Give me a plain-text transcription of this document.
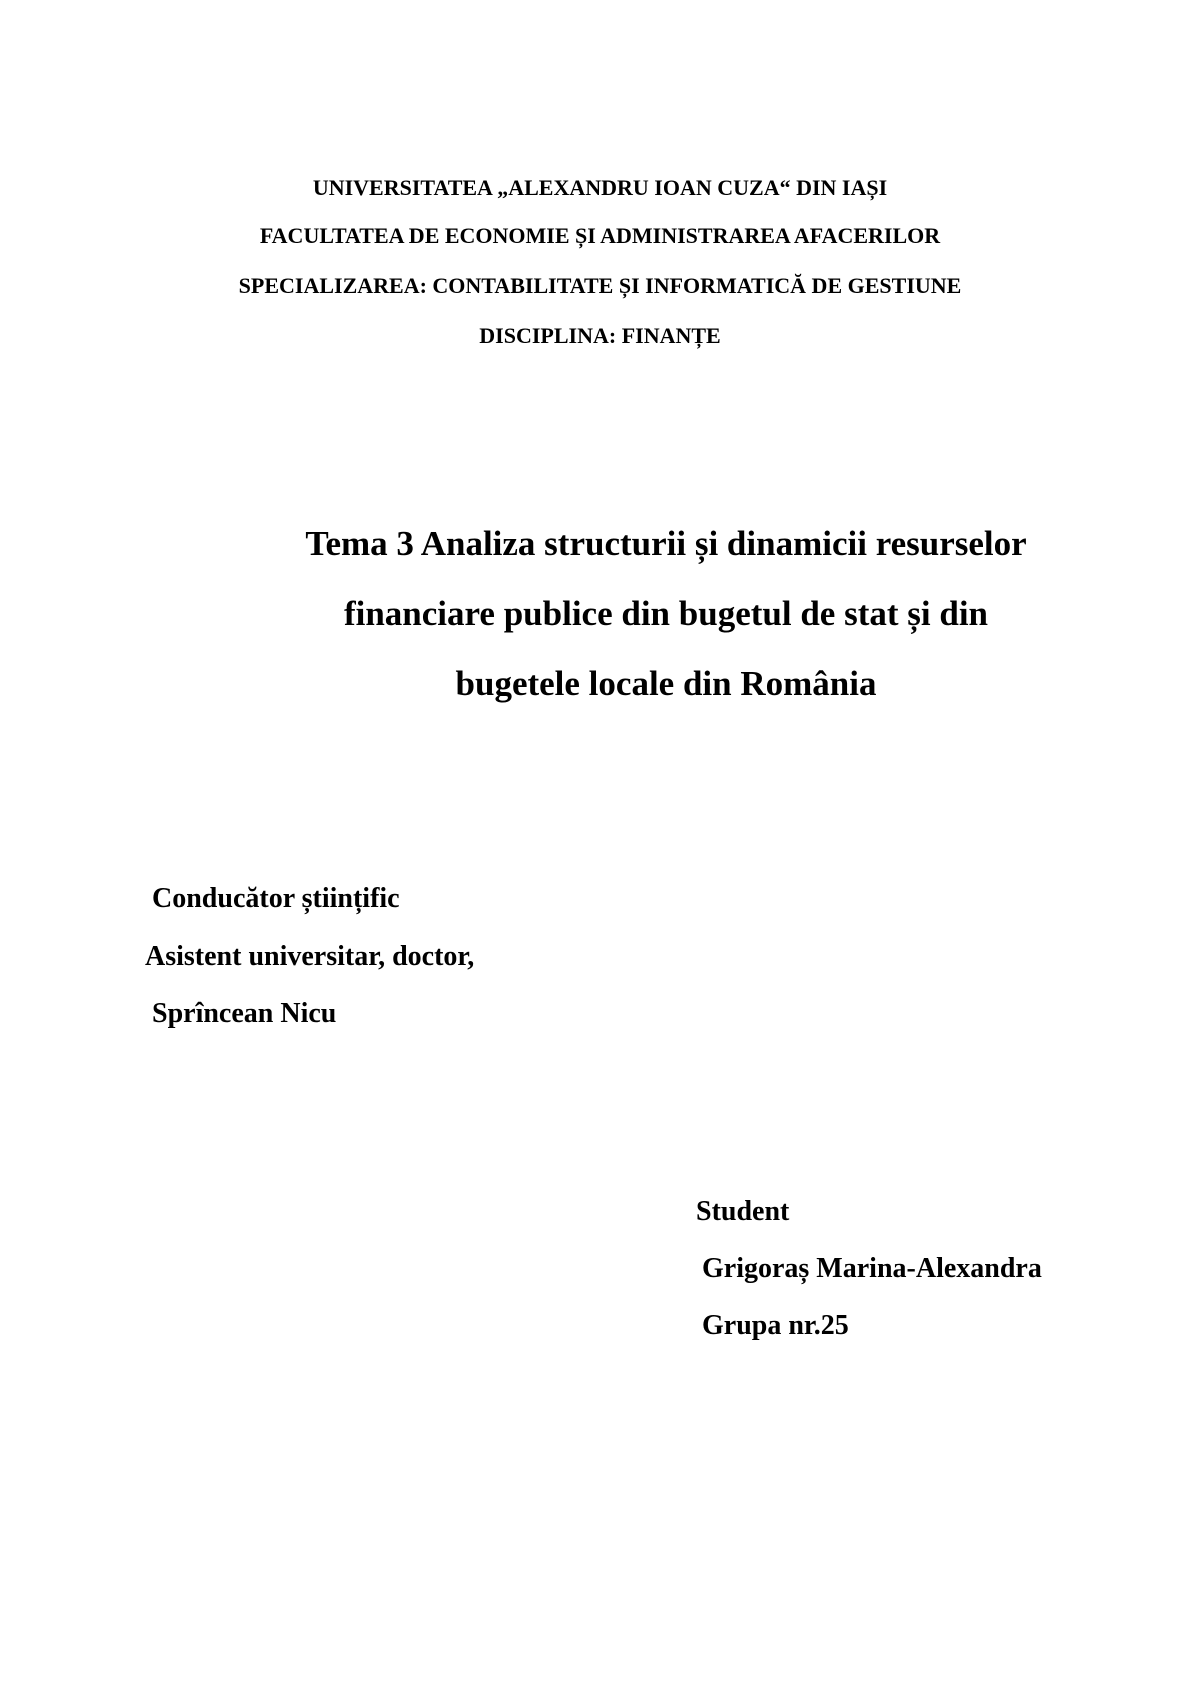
UNIVERSITATEA „ALEXANDRU IOAN CUZA“ DIN IAȘI

FACULTATEA DE ECONOMIE ȘI ADMINISTRAREA AFACERILOR

SPECIALIZAREA: CONTABILITATE ȘI INFORMATICĂ DE GESTIUNE

DISCIPLINA: FINANȚE

Tema 3 Analiza structurii și dinamicii resurselor

financiare publice din bugetul de stat și din

bugetele locale din România

Conducător științific

Asistent universitar, doctor,

Sprîncean Nicu

Student

Grigoraș Marina-Alexandra

Grupa nr.25
